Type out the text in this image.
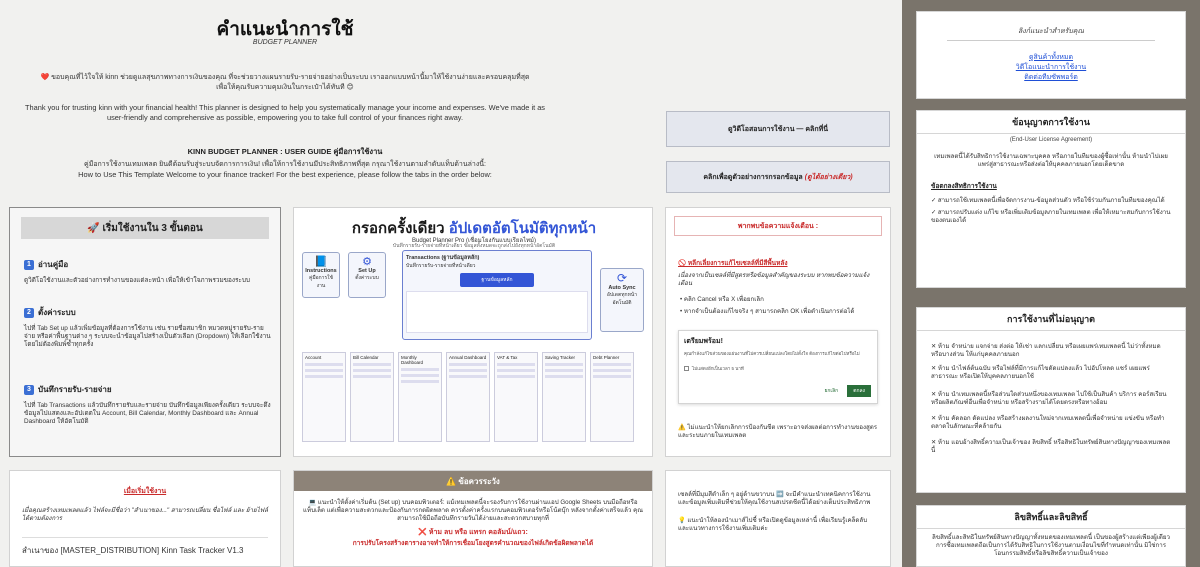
คำแนะนำการใช้
BUDGET PLANNER
❤️ ขอบคุณที่ไว้ใจให้ kinn ช่วยดูแลสุขภาพทางการเงินของคุณ ที่จะช่วยวางแผนรายรับ-รายจ่ายอย่างเป็นระบบ เราออกแบบหน้านี้มาให้ใช้งานง่ายและครอบคลุมที่สุด
เพื่อให้คุณรับความคุมเงินในกระเป๋าได้ทันที 😊
Thank you for trusting kinn with your financial health! This planner is designed to help you systematically manage your income and expenses. We've made it as user-friendly and comprehensive as possible, empowering you to take full control of your finances right away.
KINN BUDGET PLANNER : USER GUIDE คู่มือการใช้งาน
คู่มือการใช้งานเทมเพลต ยินดีต้อนรับสู่ระบบจัดการการเงิน! เพื่อให้การใช้งานมีประสิทธิภาพที่สุด กรุณาใช้งานตามลำดับแท็บด้านล่างนี้:
How to Use This Template Welcome to your finance tracker! For the best experience, please follow the tabs in the order below:
ดูวิดีโอสอนการใช้งาน — คลิกที่นี่
คลิกเพื่อดูตัวอย่างการกรอกข้อมูล (ดูได้อย่างเดียว)
🚀 เริ่มใช้งานใน 3 ขั้นตอน
1 อ่านคู่มือ
ดูวิดีโอใช้งานและตัวอย่างการทำงานของแต่ละหน้า เพื่อให้เข้าใจภาพรวมของระบบ
2 ตั้งค่าระบบ
ไปที่ Tab Set up แล้วเพิ่มข้อมูลที่ต้องการใช้งาน เช่น รายชื่อสมาชิก หมวดหมู่รายรับ-รายจ่าย หรือค่าพื้นฐานต่าง ๆ ระบบจะนำข้อมูลไปสร้างเป็นตัวเลือก (Dropdown) ให้เลือกใช้งาน โดยไม่ต้องพิมพ์ซ้ำทุกครั้ง
3 บันทึกรายรับ-รายจ่าย
ไปที่ Tab Transactions แล้วบันทึกรายรับและรายจ่าย บันทึกข้อมูลเพียงครั้งเดียว ระบบจะดึงข้อมูลไปแสดงและอัปเดตใน Account, Bill Calendar, Monthly Dashboard และ Annual Dashboard ให้อัตโนมัติ
กรอกครั้งเดียว อัปเดตอัตโนมัติทุกหน้า
Budget Planner Pro (เชื่อมโยงกันแบบเรียลไทม์)
บันทึกรายรับ-รายจ่ายที่หน้าเดียว ข้อมูลทั้งหมดจะถูกส่งไปยังทุกหน้าอัตโนมัติ
📘
Instructions
คู่มือการใช้งาน
⚙
Set Up
ตั้งค่าระบบ
Transactions (ฐานข้อมูลหลัก)
บันทึกรายรับ-รายจ่ายที่หน้าเดียว
ฐานข้อมูลหลัก	⟳
Auto Sync
อัปเดตทุกหน้าอัตโนมัติ
Account	Bill Calendar	Monthly Dashboard
Annual Dashboard VAT & Tax	Saving Tracker	Debt Planner
พากพบข้อความแจ้งเตือน :
🚫 หลีกเลี่ยงการแก้ไขเซลล์ที่มีสีพื้นหลัง
เนื่องจากเป็นเซลล์ที่มีสูตรหรือข้อมูลสำคัญของระบบ หากพบข้อความแจ้งเตือน
• คลิก Cancel หรือ X เพื่อยกเลิก
• หากจำเป็นต้องแก้ไขจริง ๆ สามารถคลิก OK เพื่อดำเนินการต่อได้
เตรียมพร้อม!
คุณกำลังแก้ไขส่วนของแผ่นงานที่ไม่ควรเปลี่ยนแปลงโดยไม่ตั้งใจ ต้องการแก้ไขต่อไปหรือไม่
ไม่แสดงอีกเป็นเวลา 5 นาที
ยกเลิก	ตกลง
⚠️ ไม่แนะนำให้ยกเลิกการป้องกันชีต เพราะอาจส่งผลต่อการทำงานของสูตรและระบบภายในเทมเพลต
เมื่อเริ่มใช้งาน
เมื่อคุณสร้างเทมเพลตแล้ว ไฟล์จะมีชื่อว่า "สำเนาของ..." สามารถเปลี่ยน ชื่อไฟล์ และ ย้ายไฟล์ ได้ตามต้องการ
สำเนาของ [MASTER_DISTRIBUTION] Kinn Task Tracker V1.3
⚠️ ข้อควรระวัง
💻 แนะนำให้ตั้งค่าเริ่มต้น (Set up) บนคอมพิวเตอร์: แม้เทมเพลตนี้จะรองรับการใช้งานผ่านแอป Google Sheets บนมือถือหรือแท็บเล็ต แต่เพื่อความสะดวกและป้องกันการกดผิดพลาด ควรตั้งค่าครั้งแรกบนคอมพิวเตอร์หรือโน้ตบุ๊ก หลังจากตั้งค่าเสร็จแล้ว คุณสามารถใช้มือถือบันทึกรายวันได้ง่ายและสะดวกสบายทุกที่
❌ ห้าม ลบ หรือ แทรก คอลัมน์/แถว:
การปรับโครงสร้างตารางอาจทำให้การเชื่อมโยงสูตรคำนวณของไฟล์เกิดข้อผิดพลาดได้
เซลล์ที่มีมุมสีดำเล็ก ๆ อยู่ด้านขวาบน ➡️ จะมีคำแนะนำเทคนิคการใช้งาน
และข้อมูลเพิ่มเติมที่ช่วยให้คุณใช้งานสเปรดชีตนี้ได้อย่างเต็มประสิทธิภาพ
💡 แนะนำให้ลองนำเมาส์ไปชี้ หรือเปิดดูข้อมูลเหล่านี้ เพื่อเรียนรู้เคล็ดลับและแนวทางการใช้งานเพิ่มเติมค่ะ
ลิงก์แนะนำสำหรับคุณ
ดูสินค้าทั้งหมด
วิดีโอแนะนำการใช้งาน
ติดต่อทีมซัพพอร์ต
ข้อนุญาตการใช้งาน
(End-User License Agreement)
เทมเพลตนี้ได้รับสิทธิการใช้งานเฉพาะบุคคล หรือภายในทีมของผู้ซื้อเท่านั้น ห้ามนำไปเผยแพร่สู่สาธารณะหรือส่งต่อให้บุคคลภายนอกโดยเด็ดขาด
ข้อตกลงสิทธิการใช้งาน
✓ สามารถใช้เทมเพลตนี้เพื่อจัดการงาน-ข้อมูลส่วนตัว หรือใช้ร่วมกันภายในทีมของคุณได้
✓ สามารถปรับแต่ง แก้ไข หรือเพิ่มเติมข้อมูลภายในเทมเพลต เพื่อให้เหมาะสมกับการใช้งานของตนเองได้
การใช้งานที่ไม่อนุญาต
✕ ห้าม จำหน่าย แจกจ่าย ส่งต่อ ให้เช่า แลกเปลี่ยน หรือเผยแพร่เทมเพลตนี้ ไม่ว่าทั้งหมดหรือบางส่วน ให้แก่บุคคลภายนอก
✕ ห้าม นำไฟล์ต้นฉบับ หรือไฟล์ที่มีการแก้ไขดัดแปลงแล้ว ไปอัปโหลด แชร์ เผยแพร่สาธารณะ หรือเปิดให้บุคคลภายนอกใช้
✕ ห้าม นำเทมเพลตนี้หรือส่วนใดส่วนหนึ่งของเทมเพลต ไปใช้เป็นสินค้า บริการ คอร์สเรียน หรือผลิตภัณฑ์อื่นเพื่อจำหน่าย หรือสร้างรายได้โดยตรงหรือทางอ้อม
✕ ห้าม คัดลอก ดัดแปลง หรือสร้างผลงานใหม่จากเทมเพลตนี้เพื่อจำหน่าย แข่งขัน หรือทำตลาดในลักษณะที่คล้ายกัน
✕ ห้าม แอบอ้างสิทธิ์ความเป็นเจ้าของ ลิขสิทธิ์ หรือสิทธิในทรัพย์สินทางปัญญาของเทมเพลตนี้
ลิขสิทธิ์และลิขสิทธิ์
ลิขสิทธิ์และสิทธิในทรัพย์สินทางปัญญาทั้งหมดของเทมเพลตนี้ เป็นของผู้สร้างแต่เพียงผู้เดียว การซื้อเทมเพลตถือเป็นการได้รับสิทธิในการใช้งานตามเงื่อนไขที่กำหนดเท่านั้น มิใช่การโอนกรรมสิทธิ์หรือลิขสิทธิ์ความเป็นเจ้าของ
